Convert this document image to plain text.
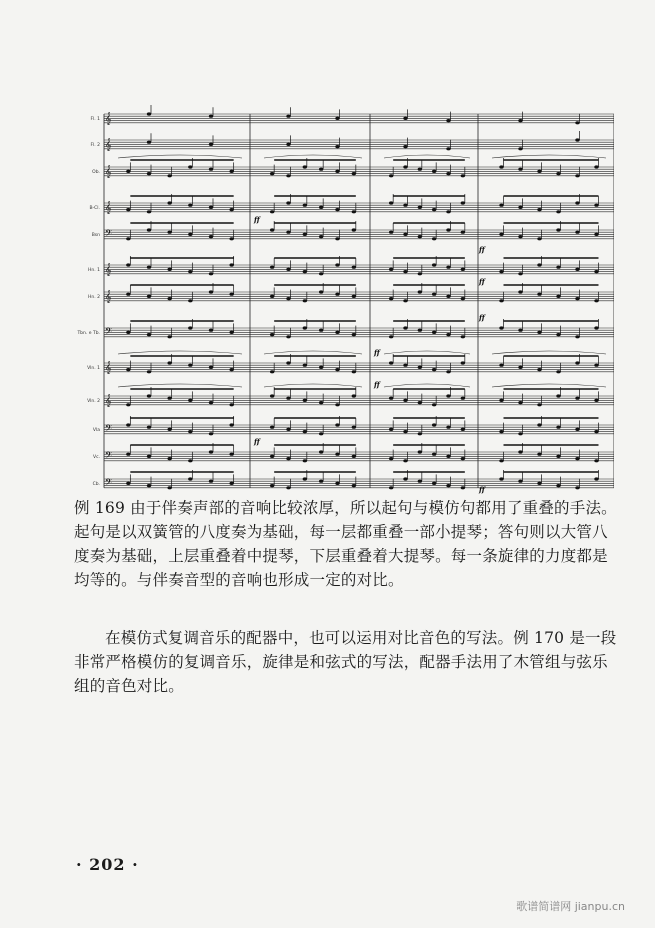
𝄞
Fl. 1
𝄞
Fl. 2
𝄞
Ob.
𝄞
B-Cl.
𝄢
Bsn
𝄞
Hn. 1
𝄞
Hn. 2
𝄢
Tbn. e Tb.
𝄞
Vln. 1
𝄞
Vln. 2
𝄢
Vla
𝄢
Vc.
𝄢
Cb.
ff
ff
ff
ff
ff
ff
ff
ff

例 169 由于伴奏声部的音响比较浓厚，所以起句与模仿句都用了重叠的手法。起句是以双簧管的八度奏为基础，每一层都重叠一部小提琴；答句则以大管八度奏为基础，上层重叠着中提琴，下层重叠着大提琴。每一条旋律的力度都是均等的。与伴奏音型的音响也形成一定的对比。

在模仿式复调音乐的配器中，也可以运用对比音色的写法。例 170 是一段非常严格模仿的复调音乐，旋律是和弦式的写法，配器手法用了木管组与弦乐组的音色对比。

· 202 ·
歌谱简谱网 jianpu.cn
